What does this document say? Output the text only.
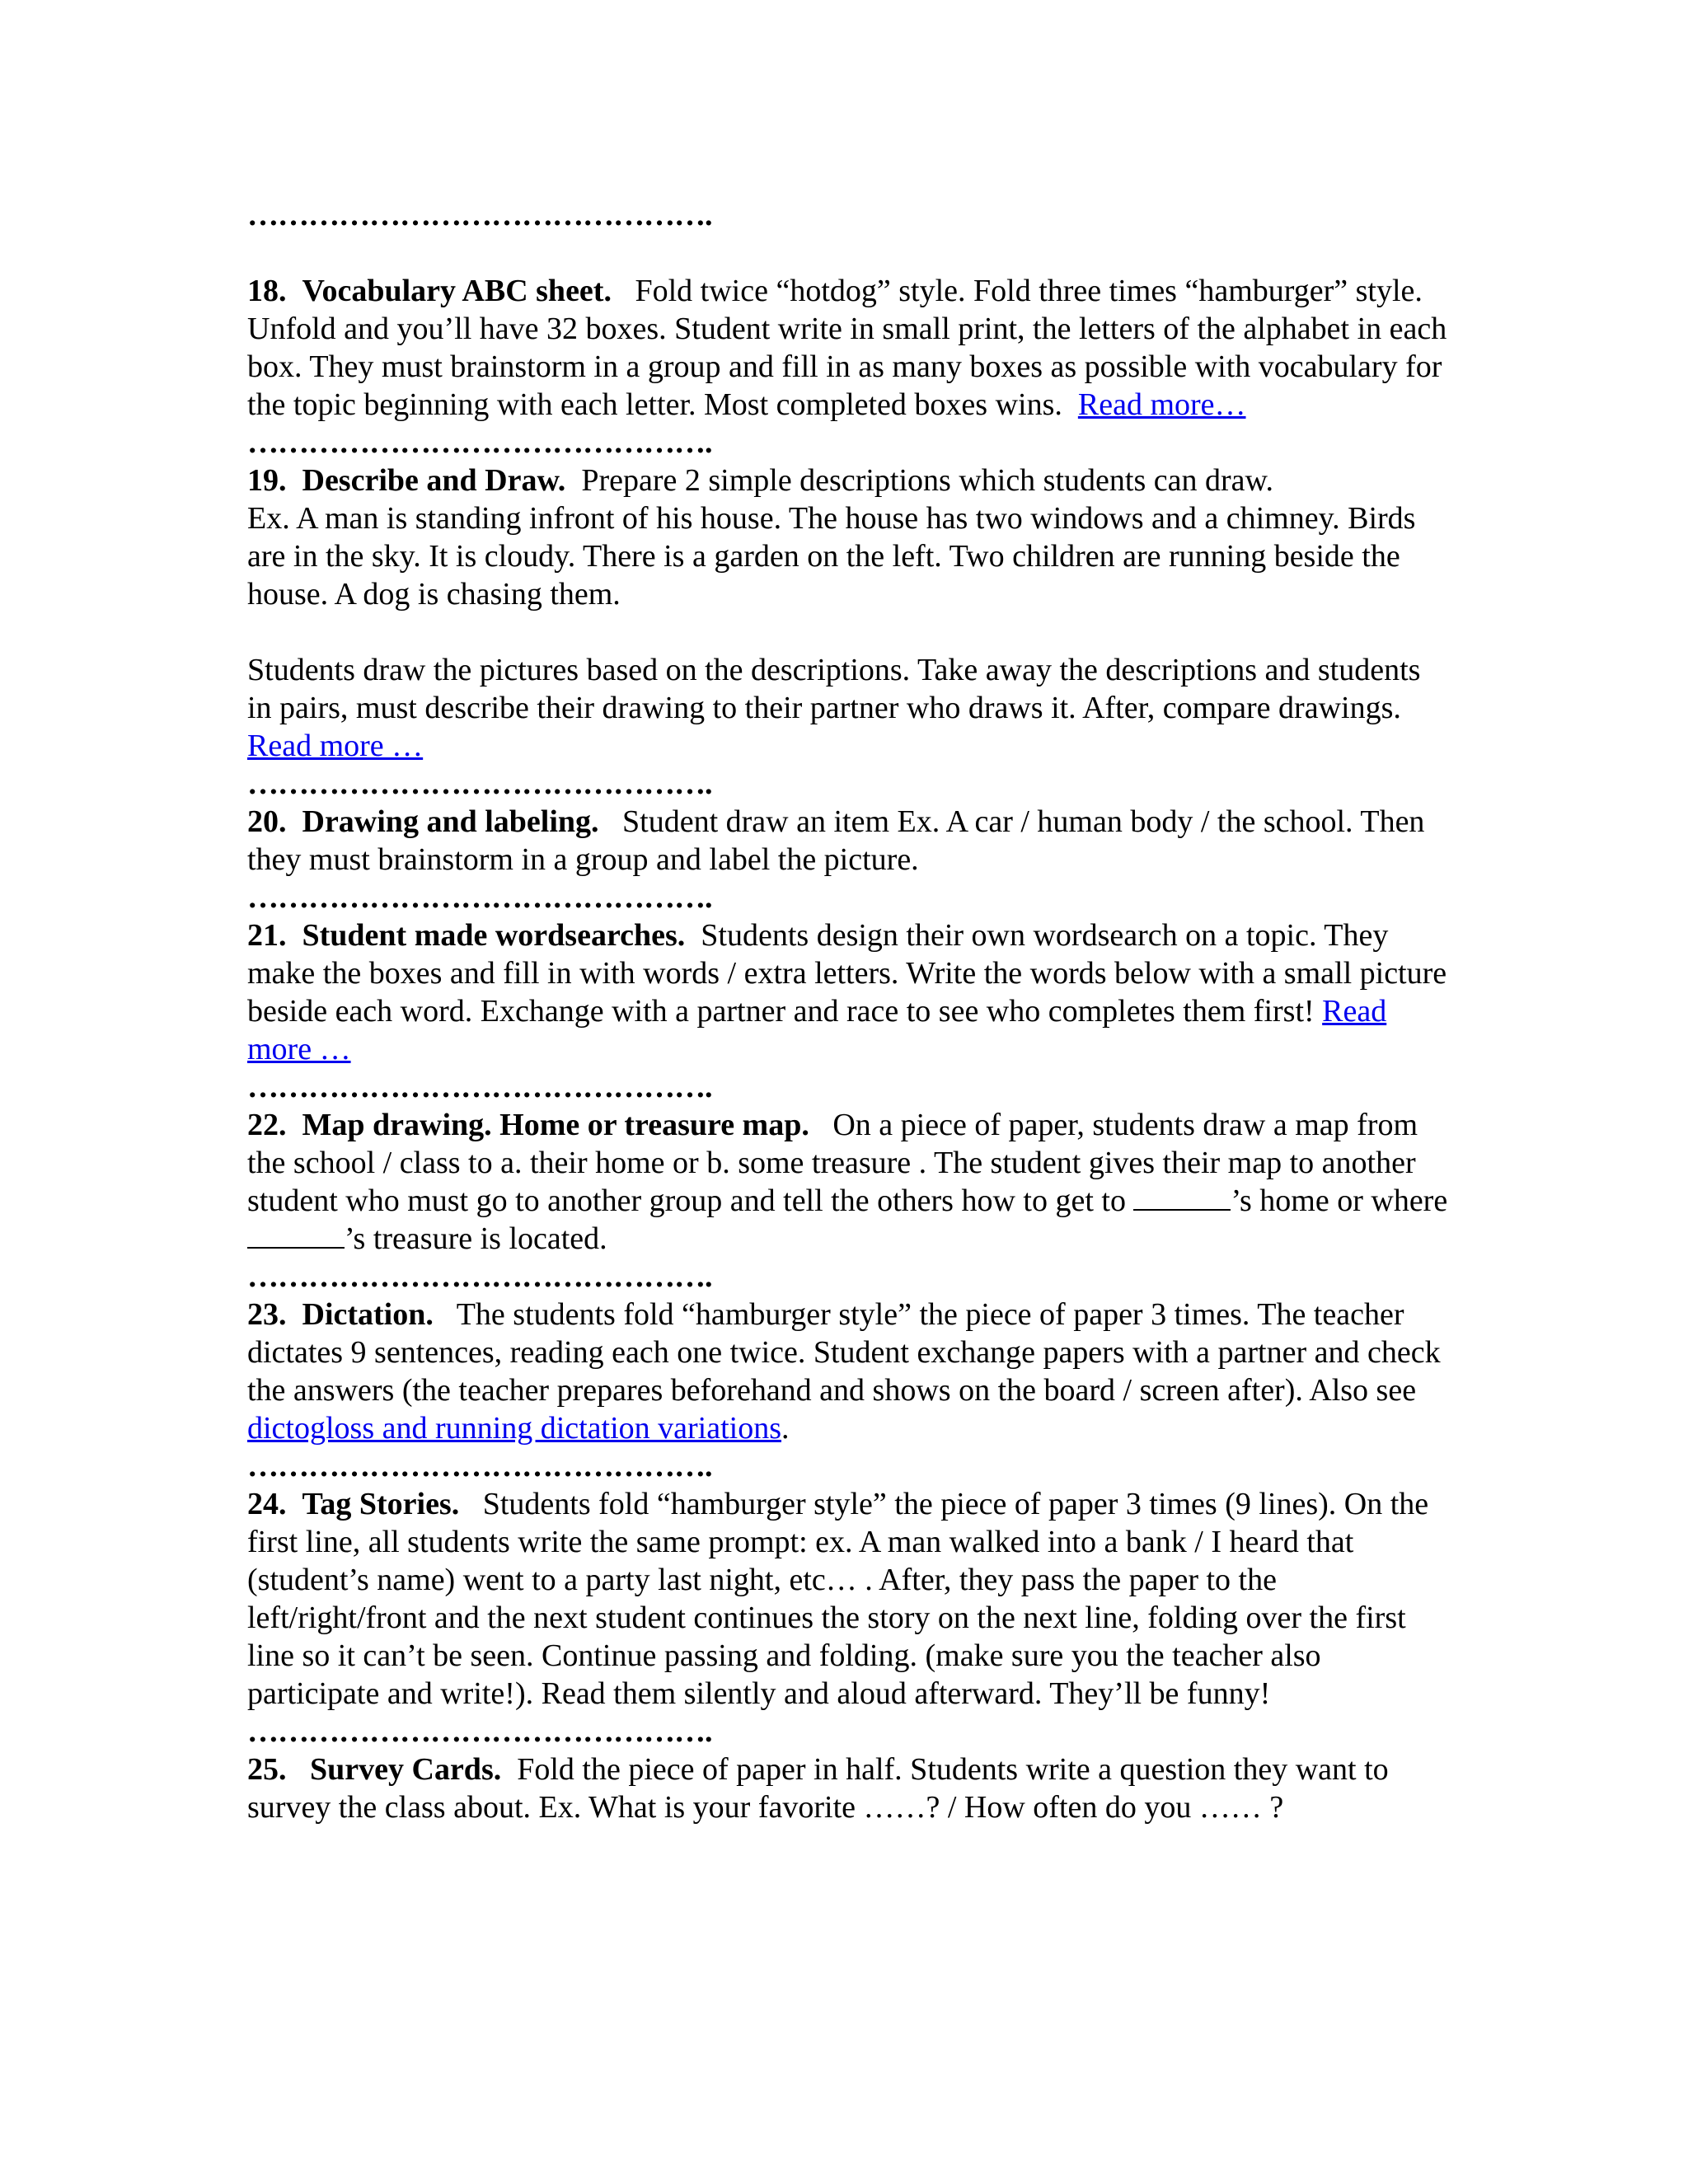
……………………………………….

18. Vocabulary ABC sheet. Fold twice “hotdog” style. Fold three times “hamburger” style. Unfold and you’ll have 32 boxes. Student write in small print, the letters of the alphabet in each box. They must brainstorm in a group and fill in as many boxes as possible with vocabulary for the topic beginning with each letter. Most completed boxes wins. Read more…

……………………………………….

19. Describe and Draw. Prepare 2 simple descriptions which students can draw.

Ex. A man is standing infront of his house. The house has two windows and a chimney. Birds are in the sky. It is cloudy. There is a garden on the left. Two children are running beside the house. A dog is chasing them.

Students draw the pictures based on the descriptions. Take away the descriptions and students in pairs, must describe their drawing to their partner who draws it. After, compare drawings.  Read more …

……………………………………….

20. Drawing and labeling. Student draw an item Ex. A car / human body / the school. Then they must brainstorm in a group and label the picture.

……………………………………….

21. Student made wordsearches. Students design their own wordsearch on a topic. They make the boxes and fill in with words / extra letters. Write the words below with a small picture beside each word. Exchange with a partner and race to see who completes them first! Read more …

……………………………………….

22. Map drawing. Home or treasure map. On a piece of paper, students draw a map from the school / class to a. their home or b. some treasure . The student gives their map to another student who must go to another group and tell the others how to get to	’s home or where ’s treasure is located.

……………………………………….

23. Dictation. The students fold “hamburger style” the piece of paper 3 times. The teacher dictates 9 sentences, reading each one twice. Student exchange papers with a partner and check the answers (the teacher prepares beforehand and shows on the board / screen after). Also see dictogloss and running dictation variations.

……………………………………….

24. Tag Stories. Students fold “hamburger style” the piece of paper 3 times (9 lines). On the first line, all students write the same prompt: ex. A man walked into a bank / I heard that (student’s name) went to a party last night, etc… . After, they pass the paper to the left/right/front and the next student continues the story on the next line, folding over the first line so it can’t be seen. Continue passing and folding. (make sure you the teacher also participate and write!). Read them silently and aloud afterward. They’ll be funny!

……………………………………….

25. Survey Cards. Fold the piece of paper in half. Students write a question they want to survey the class about. Ex. What is your favorite ……? / How often do you …… ?
